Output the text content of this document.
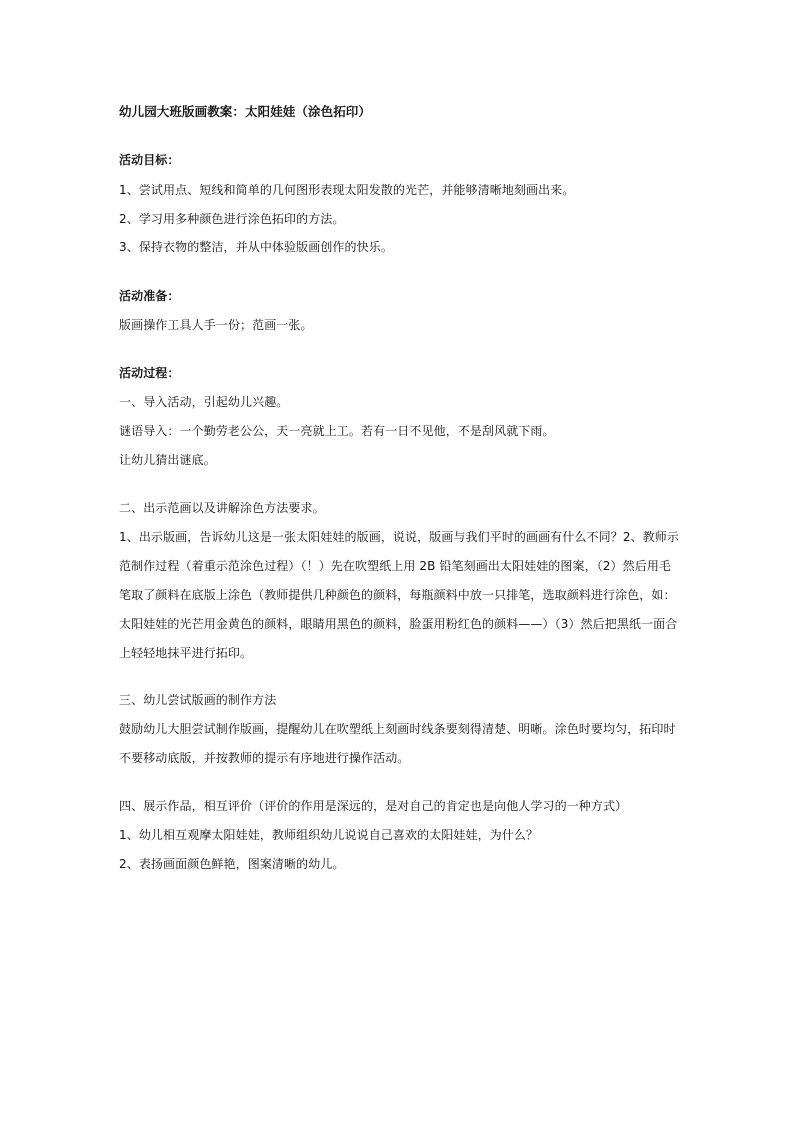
幼儿园大班版画教案：太阳娃娃（涂色拓印）
活动目标：
1、尝试用点、短线和简单的几何图形表现太阳发散的光芒，并能够清晰地刻画出来。
2、学习用多种颜色进行涂色拓印的方法。
3、保持衣物的整洁，并从中体验版画创作的快乐。
活动准备：
版画操作工具人手一份；范画一张。
活动过程：
一、导入活动，引起幼儿兴趣。
谜语导入：一个勤劳老公公，天一亮就上工。若有一日不见他，不是刮风就下雨。
让幼儿猜出谜底。
二、出示范画以及讲解涂色方法要求。
1、出示版画，告诉幼儿这是一张太阳娃娃的版画，说说，版画与我们平时的画画有什么不同？2、教师示
范制作过程（着重示范涂色过程）（！）先在吹塑纸上用 2B 铅笔刻画出太阳娃娃的图案，（2）然后用毛
笔取了颜料在底版上涂色（教师提供几种颜色的颜料，每瓶颜料中放一只排笔，选取颜料进行涂色，如：
太阳娃娃的光芒用金黄色的颜料，眼睛用黑色的颜料，脸蛋用粉红色的颜料——）（3）然后把黑纸一面合
上轻轻地抹平进行拓印。
三、幼儿尝试版画的制作方法
鼓励幼儿大胆尝试制作版画，提醒幼儿在吹塑纸上刻画时线条要刻得清楚、明晰。涂色时要均匀，拓印时
不要移动底版，并按教师的提示有序地进行操作活动。
四、展示作品，相互评价（评价的作用是深远的，是对自己的肯定也是向他人学习的一种方式）
1、幼儿相互观摩太阳娃娃，教师组织幼儿说说自己喜欢的太阳娃娃，为什么？
2、表扬画面颜色鲜艳，图案清晰的幼儿。
